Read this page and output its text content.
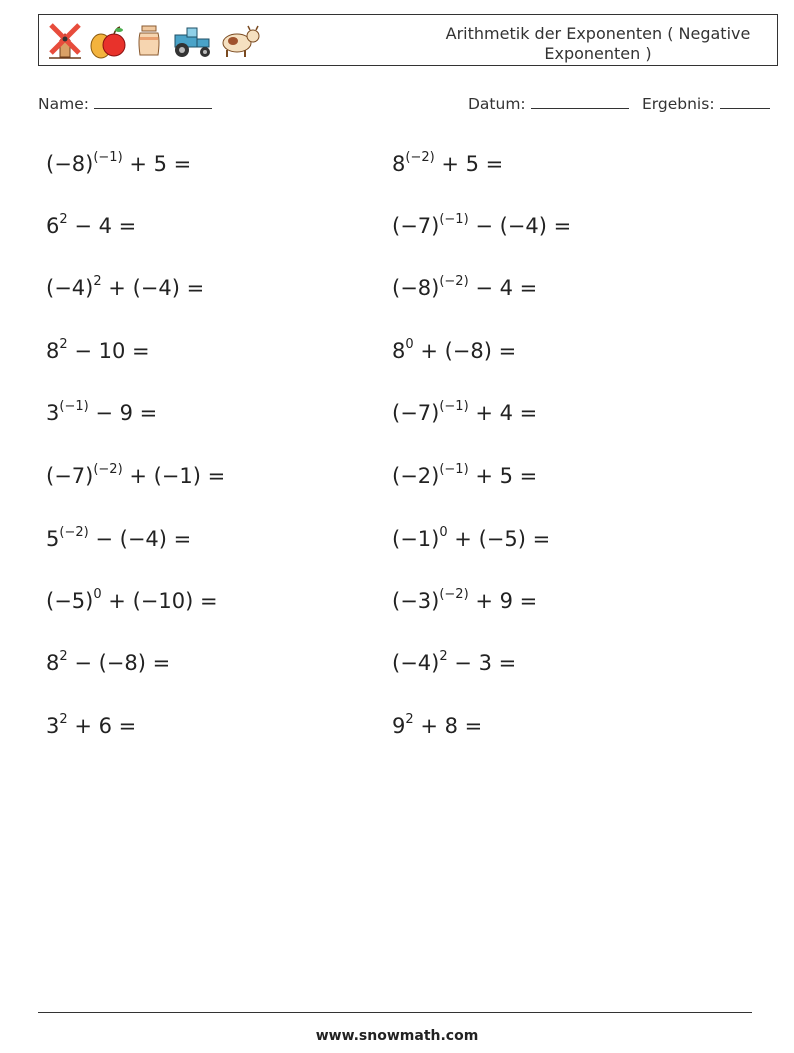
Arithmetik der Exponenten ( Negative Exponenten )
Name:	Datum:	Ergebnis:
$(-8)^{(-1)} + 5$ =	$8^{(-2)} + 5$ =
$6^2 - 4$ =	$(-7)^{(-1)} - (-4)$ =
$(-4)^2 + (-4)$ =	$(-8)^{(-2)} - 4$ =
$8^2 - 10$ =	$8^0 + (-8)$ =
$3^{(-1)} - 9$ =	$(-7)^{(-1)} + 4$ =
$(-7)^{(-2)} + (-1)$ =	$(-2)^{(-1)} + 5$ =
$5^{(-2)} - (-4)$ =	$(-1)^0 + (-5)$ =
$(-5)^0 + (-10)$ =	$(-3)^{(-2)} + 9$ =
$8^2 - (-8)$ =	$(-4)^2 - 3$ =
$3^2 + 6$ =	$9^2 + 8$ =
www.snowmath.com
